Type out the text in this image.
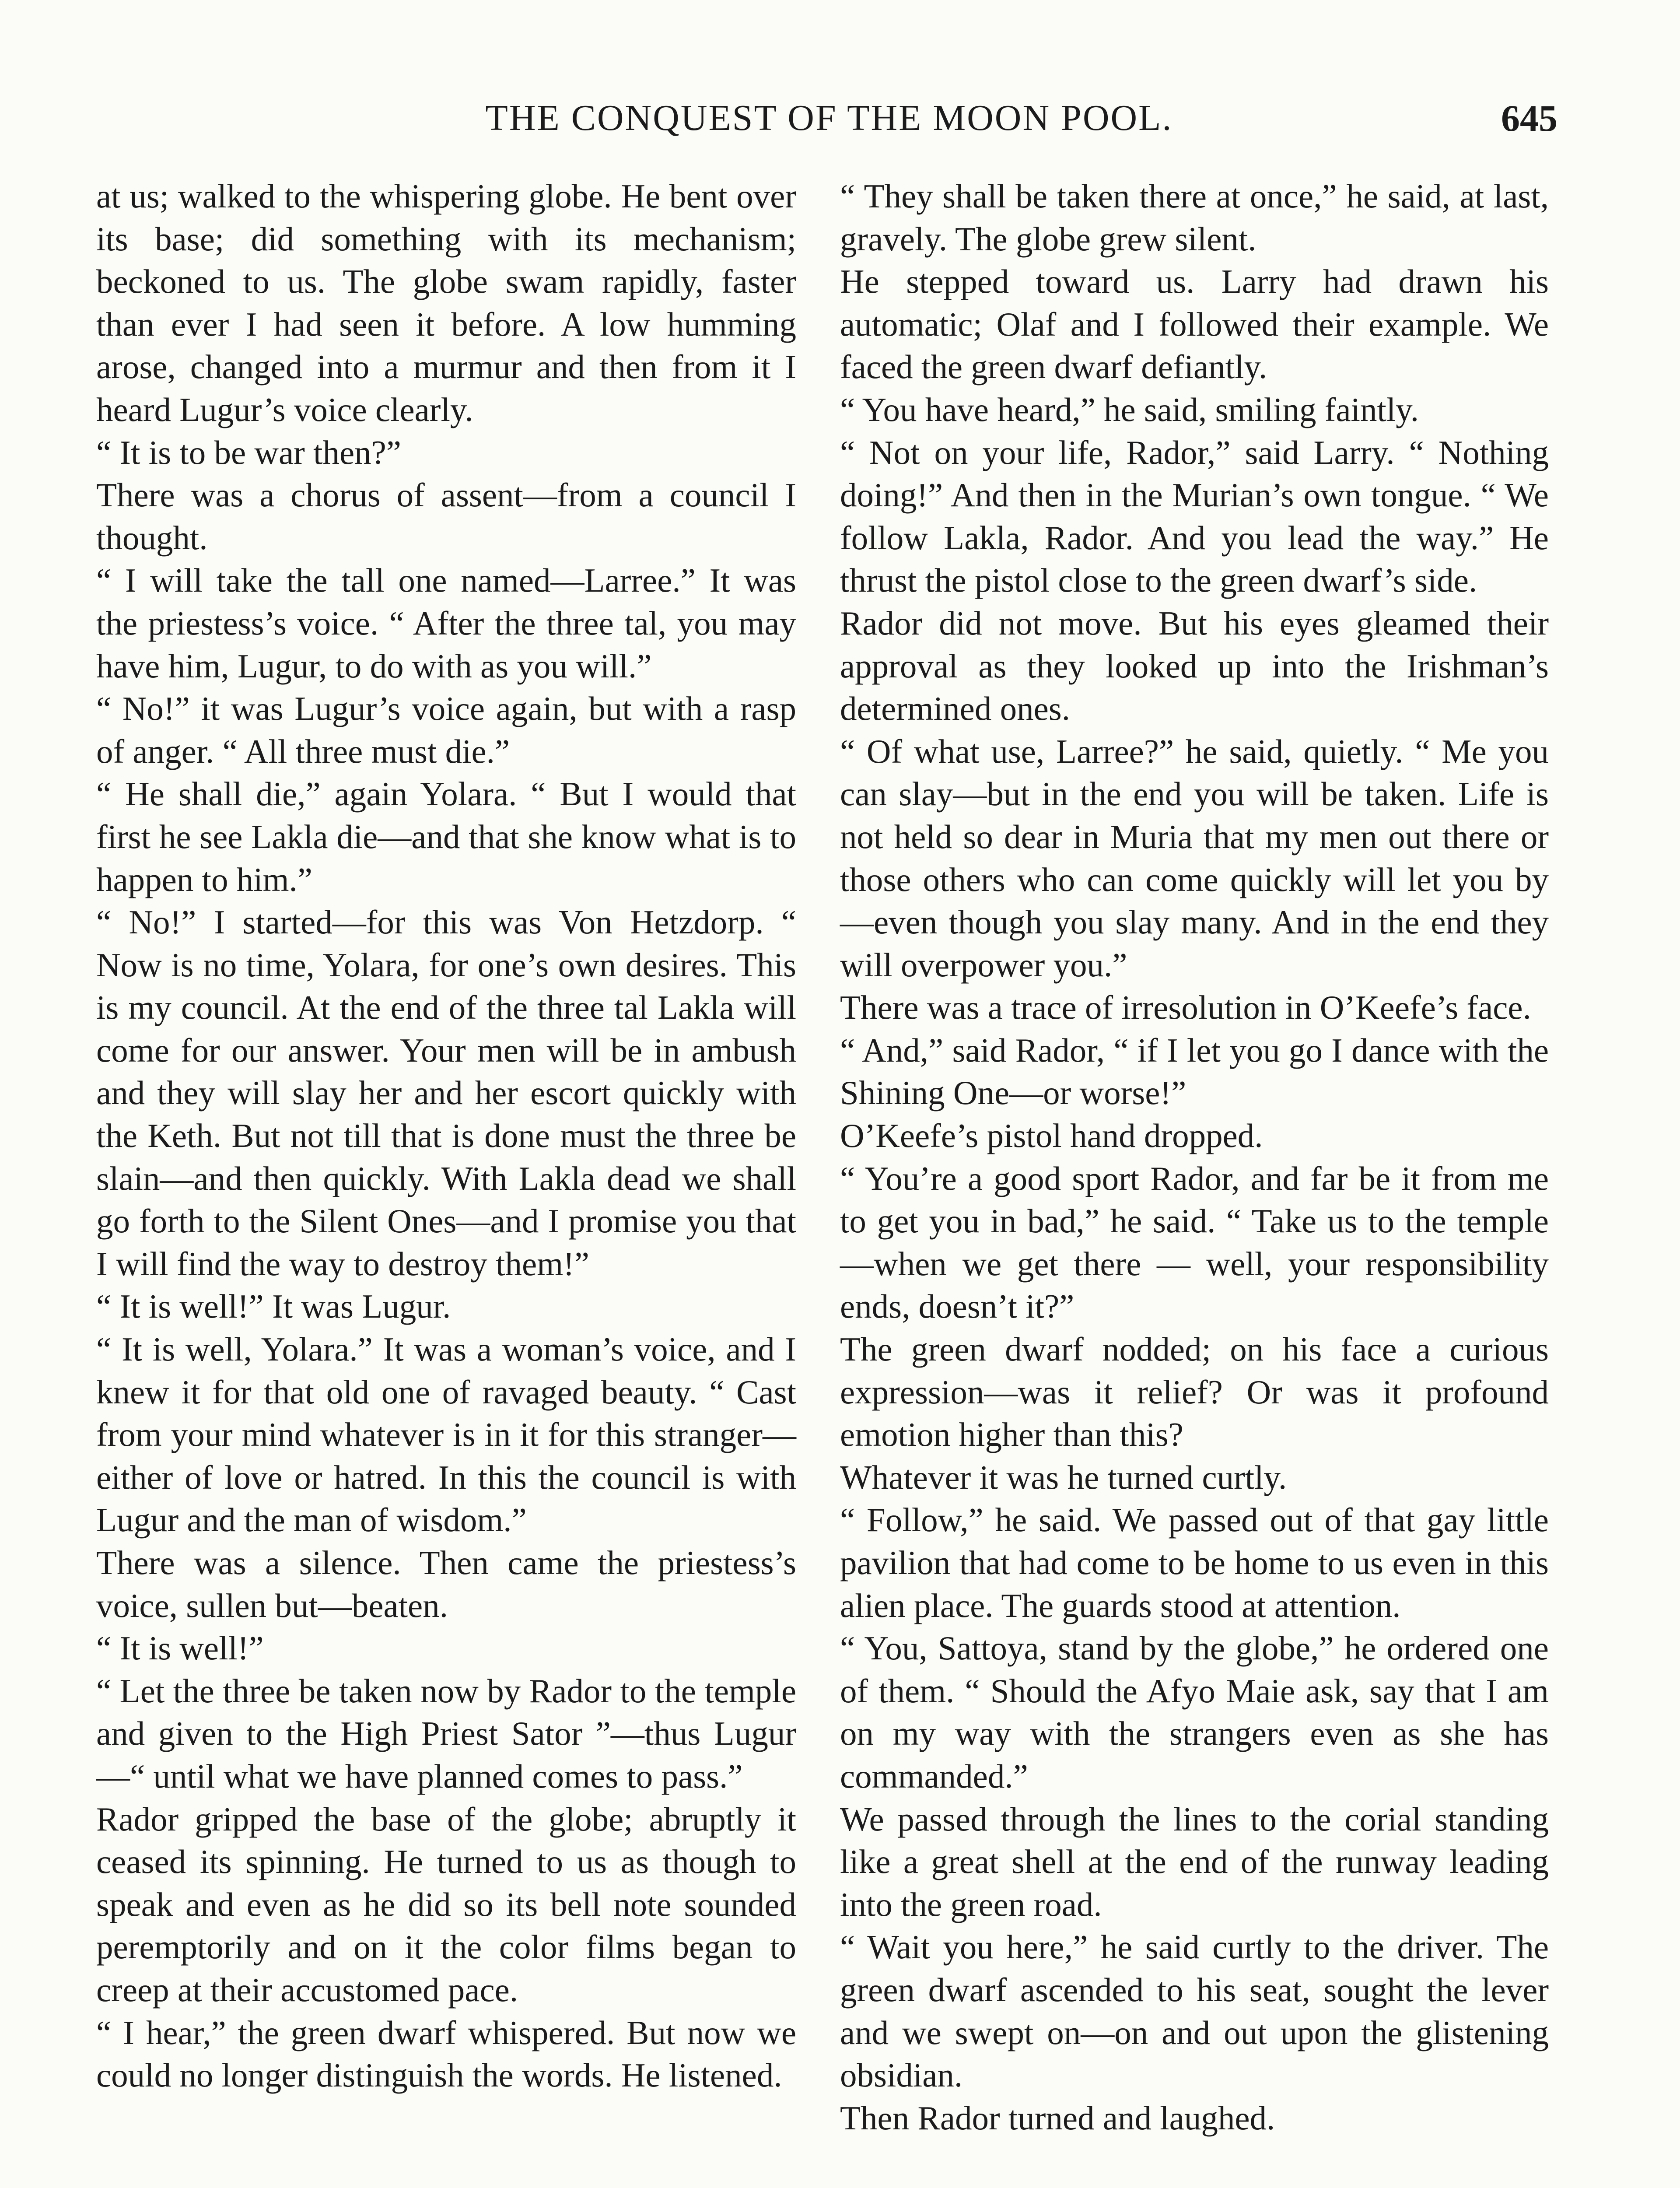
THE CONQUEST OF THE MOON POOL.	645

at us; walked to the whispering globe. He bent over its base; did something with its mechanism; beckoned to us. The globe swam rapidly, faster than ever I had seen it before. A low humming arose, changed into a murmur and then from it I heard Lugur’s voice clearly.

“ It is to be war then?”

There was a chorus of assent—from a council I thought.

“ I will take the tall one named—Larree.” It was the priestess’s voice. “ After the three tal, you may have him, Lugur, to do with as you will.”

“ No!” it was Lugur’s voice again, but with a rasp of anger. “ All three must die.”

“ He shall die,” again Yolara. “ But I would that first he see Lakla die—and that she know what is to happen to him.”

“ No!” I started—for this was Von Hetzdorp. “ Now is no time, Yolara, for one’s own desires. This is my council. At the end of the three tal Lakla will come for our answer. Your men will be in ambush and they will slay her and her escort quickly with the Keth. But not till that is done must the three be slain—and then quickly. With Lakla dead we shall go forth to the Silent Ones—and I promise you that I will find the way to destroy them!”

“ It is well!” It was Lugur.

“ It is well, Yolara.” It was a woman’s voice, and I knew it for that old one of ravaged beauty. “ Cast from your mind whatever is in it for this stranger—either of love or hatred. In this the council is with Lugur and the man of wisdom.”

There was a silence. Then came the priestess’s voice, sullen but—beaten.

“ It is well!”

“ Let the three be taken now by Rador to the temple and given to the High Priest Sator ”—thus Lugur—“ until what we have planned comes to pass.”

Rador gripped the base of the globe; abruptly it ceased its spinning. He turned to us as though to speak and even as he did so its bell note sounded peremptorily and on it the color films began to creep at their accustomed pace.

“ I hear,” the green dwarf whispered. But now we could no longer distinguish the words. He listened.

“ They shall be taken there at once,” he said, at last, gravely. The globe grew silent.

He stepped toward us. Larry had drawn his automatic; Olaf and I followed their example. We faced the green dwarf defiantly.

“ You have heard,” he said, smiling faintly.

“ Not on your life, Rador,” said Larry. “ Nothing doing!” And then in the Murian’s own tongue. “ We follow Lakla, Rador. And you lead the way.” He thrust the pistol close to the green dwarf’s side.

Rador did not move. But his eyes gleamed their approval as they looked up into the Irishman’s determined ones.

“ Of what use, Larree?” he said, quietly. “ Me you can slay—but in the end you will be taken. Life is not held so dear in Muria that my men out there or those others who can come quickly will let you by—even though you slay many. And in the end they will overpower you.”

There was a trace of irresolution in O’Keefe’s face.

“ And,” said Rador, “ if I let you go I dance with the Shining One—or worse!”

O’Keefe’s pistol hand dropped.

“ You’re a good sport Rador, and far be it from me to get you in bad,” he said. “ Take us to the temple—when we get there — well, your responsibility ends, doesn’t it?”

The green dwarf nodded; on his face a curious expression—was it relief? Or was it profound emotion higher than this?

Whatever it was he turned curtly.

“ Follow,” he said. We passed out of that gay little pavilion that had come to be home to us even in this alien place. The guards stood at attention.

“ You, Sattoya, stand by the globe,” he ordered one of them. “ Should the Afyo Maie ask, say that I am on my way with the strangers even as she has commanded.”

We passed through the lines to the corial standing like a great shell at the end of the runway leading into the green road.

“ Wait you here,” he said curtly to the driver. The green dwarf ascended to his seat, sought the lever and we swept on—on and out upon the glistening obsidian.

Then Rador turned and laughed.
